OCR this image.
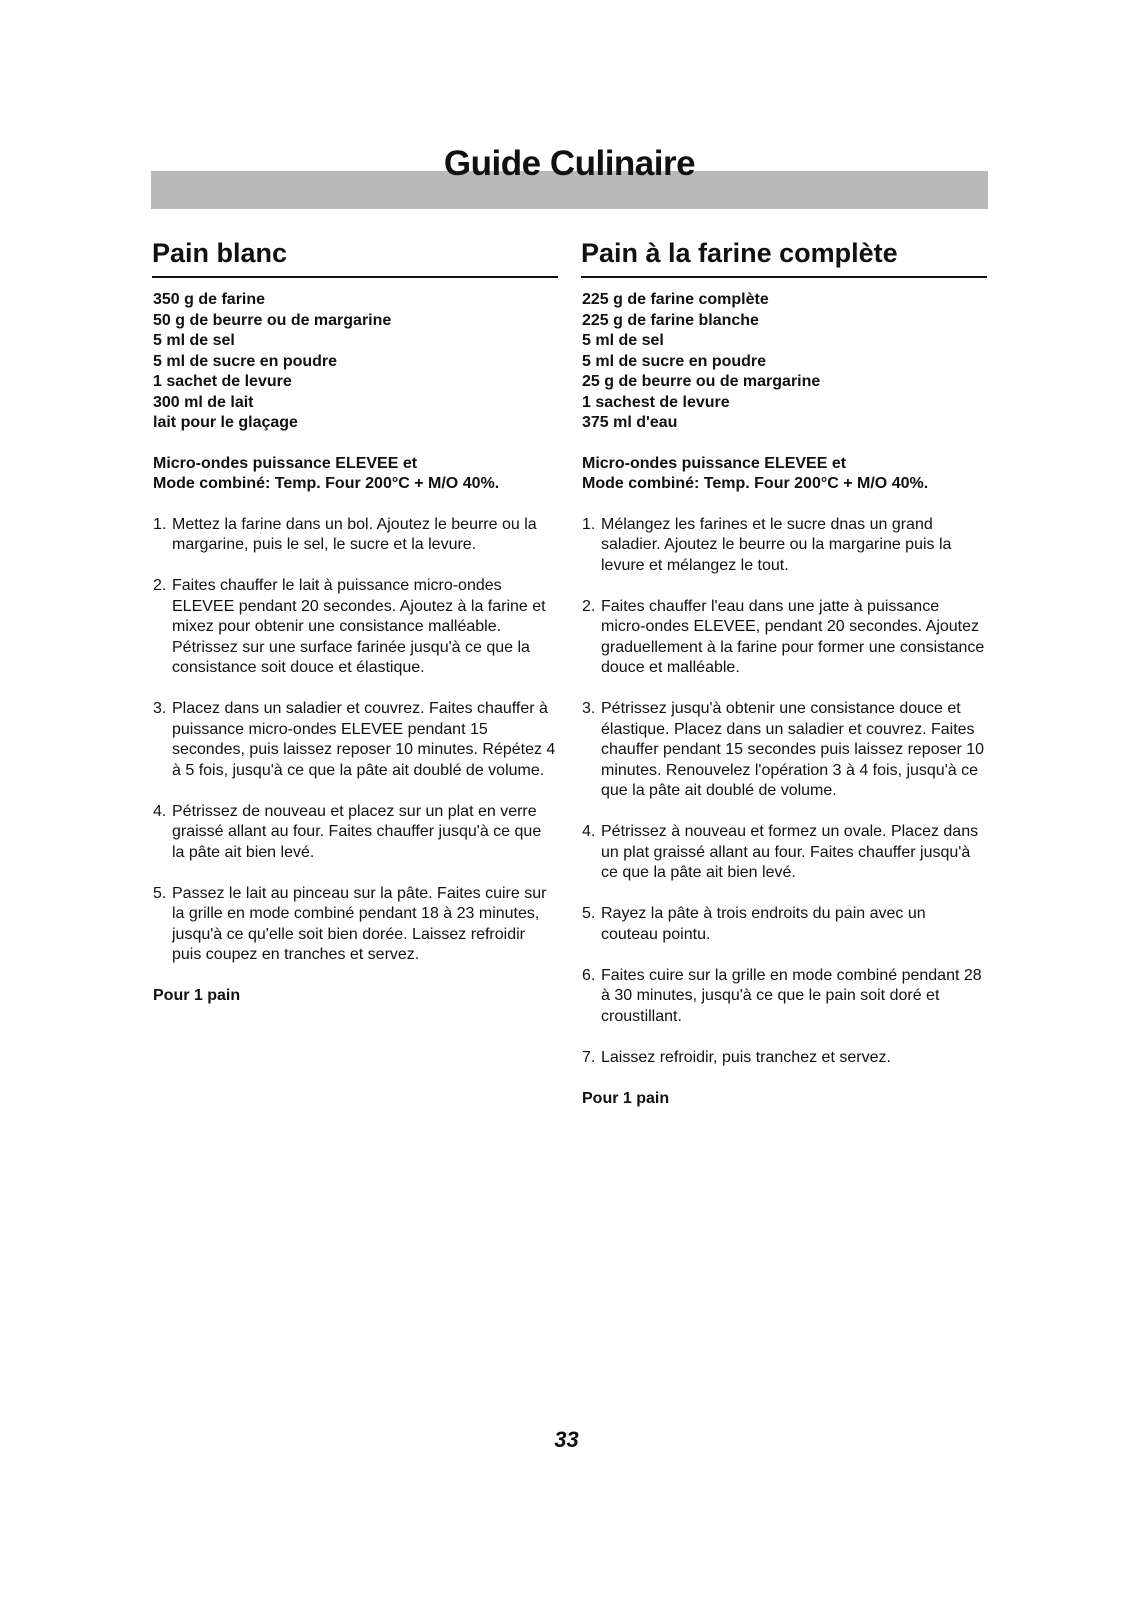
Guide Culinaire
Pain blanc
350 g de farine
50 g de beurre ou de margarine
5 ml de sel
5 ml de sucre en poudre
1 sachet de levure
300 ml de lait
lait pour le glaçage
Micro-ondes puissance ELEVEE et
Mode combiné: Temp. Four 200°C + M/O 40%.
1. Mettez la farine dans un bol. Ajoutez le beurre ou la margarine, puis le sel, le sucre et la levure.
2. Faites chauffer le lait à puissance micro-ondes ELEVEE pendant 20 secondes. Ajoutez à la farine et mixez pour obtenir une consistance malléable. Pétrissez sur une surface farinée jusqu'à ce que la consistance soit douce et élastique.
3. Placez dans un saladier et couvrez. Faites chauffer à puissance micro-ondes ELEVEE pendant 15 secondes, puis laissez reposer 10 minutes. Répétez 4 à 5 fois, jusqu'à ce que la pâte ait doublé de volume.
4. Pétrissez de nouveau et placez sur un plat en verre graissé allant au four. Faites chauffer jusqu'à ce que la pâte ait bien levé.
5. Passez le lait au pinceau sur la pâte. Faites cuire sur la grille en mode combiné pendant 18 à 23 minutes, jusqu'à ce qu'elle soit bien dorée. Laissez refroidir puis coupez en tranches et servez.

Pour 1 pain

Pain à la farine complète
225 g de farine complète
225 g de farine blanche
5 ml de sel
5 ml de sucre en poudre
25 g de beurre ou de margarine
1 sachest de levure
375 ml d'eau
Micro-ondes puissance ELEVEE et
Mode combiné: Temp. Four 200°C + M/O 40%.
1. Mélangez les farines et le sucre dnas un grand saladier. Ajoutez le beurre ou la margarine puis la levure et mélangez le tout.
2. Faites chauffer l'eau dans une jatte à puissance micro-ondes ELEVEE, pendant 20 secondes. Ajoutez graduellement à la farine pour former une consistance douce et malléable.
3. Pétrissez jusqu'à obtenir une consistance douce et élastique. Placez dans un saladier et couvrez. Faites chauffer pendant 15 secondes puis laissez reposer 10 minutes. Renouvelez l'opération 3 à 4 fois, jusqu'à ce que la pâte ait doublé de volume.
4. Pétrissez à nouveau et formez un ovale. Placez dans un plat graissé allant au four. Faites chauffer jusqu'à ce que la pâte ait bien levé.
5. Rayez la pâte à trois endroits du pain avec un couteau pointu.
6. Faites cuire sur la grille en mode combiné pendant 28 à 30 minutes, jusqu'à ce que le pain soit doré et croustillant.
7. Laissez refroidir, puis tranchez et servez.

Pour 1 pain

33
